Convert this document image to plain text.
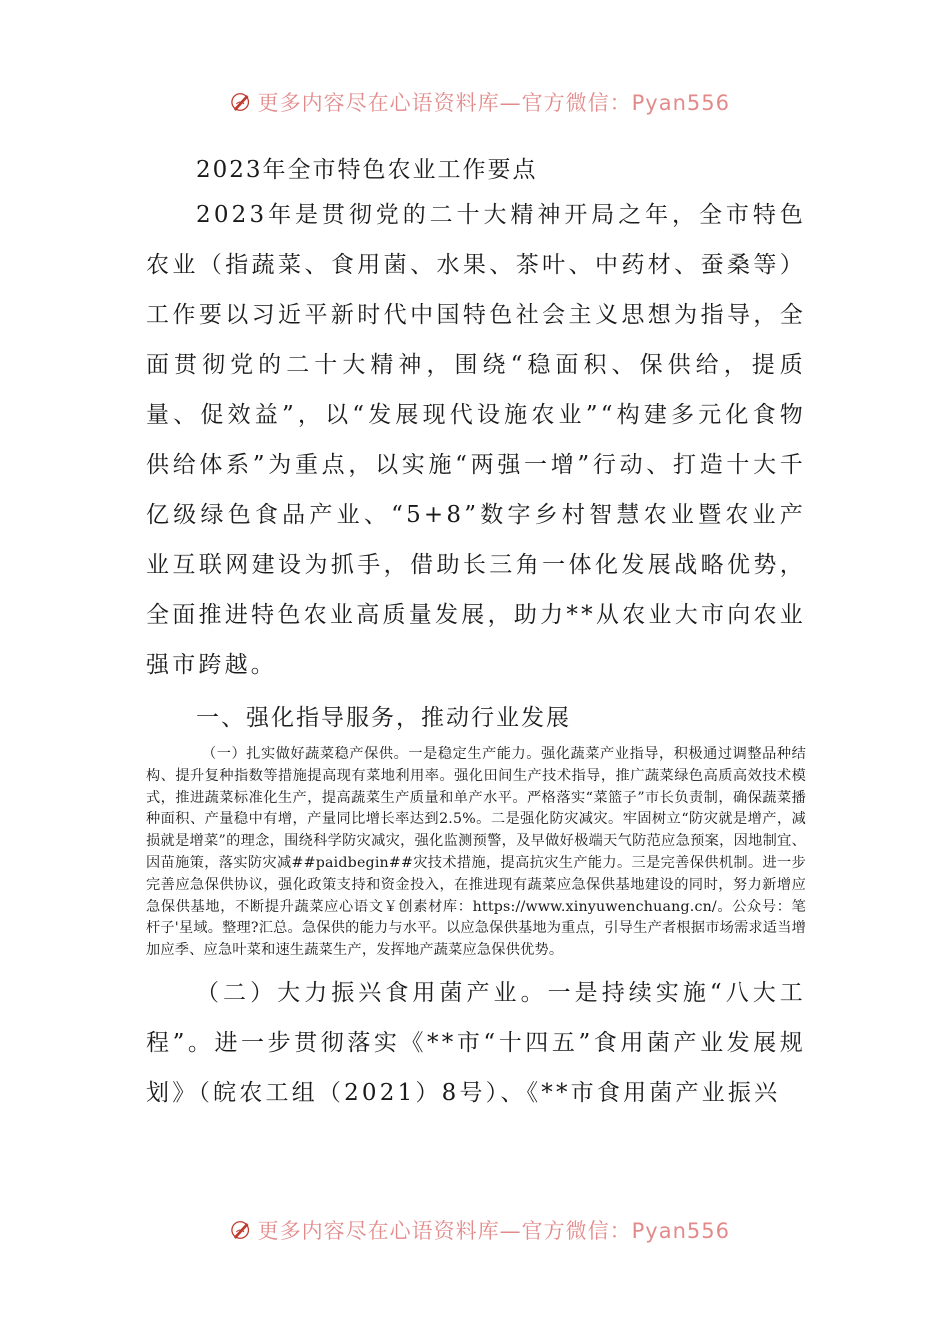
更多内容尽在心语资料库—官方微信：Pyan556

2023年全市特色农业工作要点

2023年是贯彻党的二十大精神开局之年，全市特色农业（指蔬菜、食用菌、水果、茶叶、中药材、蚕桑等）工作要以习近平新时代中国特色社会主义思想为指导，全面贯彻党的二十大精神，围绕“稳面积、保供给，提质量、促效益”，以“发展现代设施农业”“构建多元化食物供给体系”为重点，以实施“两强一增”行动、打造十大千亿级绿色食品产业、“5+8”数字乡村智慧农业暨农业产业互联网建设为抓手，借助长三角一体化发展战略优势，全面推进特色农业高质量发展，助力**从农业大市向农业强市跨越。

一、强化指导服务，推动行业发展

（一）扎实做好蔬菜稳产保供。一是稳定生产能力。强化蔬菜产业指导，积极通过调整品种结构、提升复种指数等措施提高现有菜地利用率。强化田间生产技术指导，推广蔬菜绿色高质高效技术模式，推进蔬菜标准化生产，提高蔬菜生产质量和单产水平。严格落实“菜篮子”市长负责制，确保蔬菜播种面积、产量稳中有增，产量同比增长率达到2.5%。二是强化防灾减灾。牢固树立“防灾就是增产，减损就是增菜”的理念，围绕科学防灾减灾，强化监测预警，及早做好极端天气防范应急预案，因地制宜、因苗施策，落实防灾减##paidbegin##灾技术措施，提高抗灾生产能力。三是完善保供机制。进一步完善应急保供协议，强化政策支持和资金投入，在推进现有蔬菜应急保供基地建设的同时，努力新增应急保供基地，不断提升蔬菜应心语文￥创素材库：https://www.xinyuwenchuang.cn/。公众号：笔杆子'星域。整理?汇总。急保供的能力与水平。以应急保供基地为重点，引导生产者根据市场需求适当增加应季、应急叶菜和速生蔬菜生产，发挥地产蔬菜应急保供优势。

（二）大力振兴食用菌产业。一是持续实施“八大工程”。进一步贯彻落实《**市“十四五”食用菌产业发展规划》（皖农工组（2021）8号）、《**市食用菌产业振兴

更多内容尽在心语资料库—官方微信：Pyan556
